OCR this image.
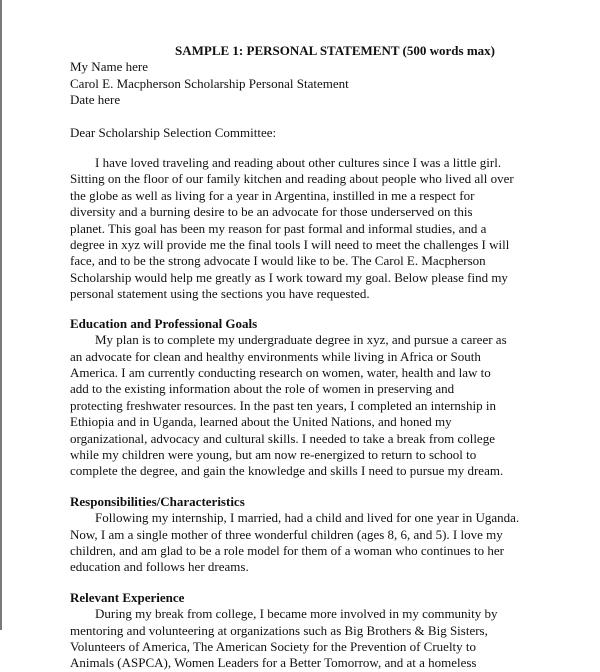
SAMPLE 1: PERSONAL STATEMENT (500 words max)
My Name here
Carol E. Macpherson Scholarship Personal Statement
Date here
Dear Scholarship Selection Committee:

I have loved traveling and reading about other cultures since I was a little girl.

Sitting on the floor of our family kitchen and reading about people who lived all over

the globe as well as living for a year in Argentina, instilled in me a respect for

diversity and a burning desire to be an advocate for those underserved on this

planet. This goal has been my reason for past formal and informal studies, and a

degree in xyz will provide me the final tools I will need to meet the challenges I will

face, and to be the strong advocate I would like to be. The Carol E. Macpherson

Scholarship would help me greatly as I work toward my goal. Below please find my

personal statement using the sections you have requested.

Education and Professional Goals

My plan is to complete my undergraduate degree in xyz, and pursue a career as

an advocate for clean and healthy environments while living in Africa or South

America. I am currently conducting research on women, water, health and law to

add to the existing information about the role of women in preserving and

protecting freshwater resources. In the past ten years, I completed an internship in

Ethiopia and in Uganda, learned about the United Nations, and honed my

organizational, advocacy and cultural skills. I needed to take a break from college

while my children were young, but am now re-energized to return to school to

complete the degree, and gain the knowledge and skills I need to pursue my dream.

Responsibilities/Characteristics

Following my internship, I married, had a child and lived for one year in Uganda.

Now, I am a single mother of three wonderful children (ages 8, 6, and 5). I love my

children, and am glad to be a role model for them of a woman who continues to her

education and follows her dreams.

Relevant Experience

During my break from college, I became more involved in my community by

mentoring and volunteering at organizations such as Big Brothers & Big Sisters,

Volunteers of America, The American Society for the Prevention of Cruelty to

Animals (ASPCA), Women Leaders for a Better Tomorrow, and at a homeless
